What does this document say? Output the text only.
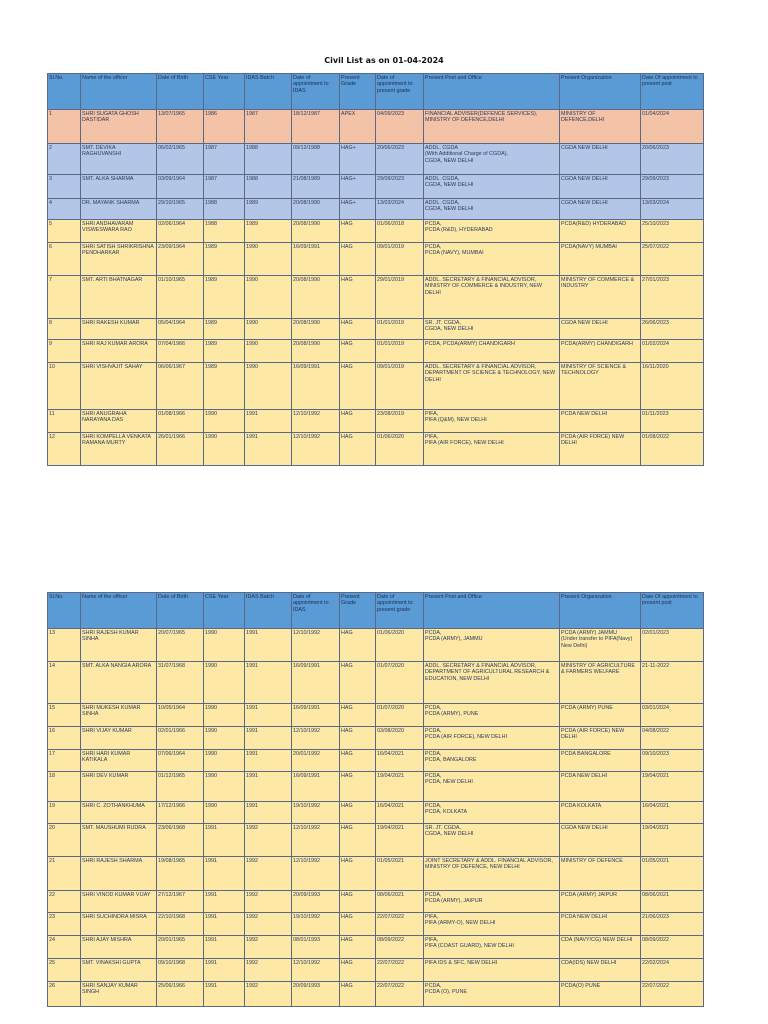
Civil List as on 01-04-2024
Sl.No.	Name of the officer	Date of Birth	CSE Year	IDAS Batch	Date of appointment to IDAS	Present Grade	Date of appointment to present grade	Present Post and Office	Present Organization	Date Of appointment to present post
1	SHRI SUGATA GHOSH DASTIDAR	13/07/1965	1986	1987	18/12/1987	APEX	04/09/2023	FINANCIAL ADVISER(DEFENCE SERVICES), MINISTRY OF DEFENCE,DELHI	MINISTRY OF DEFENCE,DELHI	01/04/2024
2	SMT. DEVIKA RAGHUVANSHI	06/02/1965	1987	1988	09/12/1988	HAG+	20/06/2023	ADDL. CGDA
(With Additional Charge of CGDA),
CGDA, NEW DELHI	CGDA NEW DELHI	20/06/2023
3	SMT. ALKA SHARMA	03/09/1964	1987	1988	21/08/1989	HAG+	29/09/2023	ADDL. CGDA,
CGDA, NEW DELHI	CGDA NEW DELHI	29/09/2023
4	DR. MAYANK SHARMA	29/10/1965	1988	1989	20/08/1990	HAG+	13/03/2024	ADDL. CGDA,
CGDA, NEW DELHI	CGDA NEW DELHI	13/03/2024
5	SHRI ANDHAVARAM VISWESWARA RAO	02/06/1964	1988	1989	20/08/1990	HAG	01/06/2018	PCDA,
PCDA (R&D), HYDERABAD	PCDA(R&D) HYDERABAD	25/10/2023
6	SHRI SATISH SHRIKRISHNA PENDHARKAR	23/09/1964	1989	1990	16/09/1991	HAG	09/01/2019	PCDA,
PCDA (NAVY), MUMBAI	PCDA(NAVY) MUMBAI	25/07/2022
7	SMT. ARTI BHATNAGAR	01/10/1965	1989	1990	20/08/1990	HAG	29/01/2019	ADDL. SECRETARY & FINANCIAL ADVISOR, MINISTRY OF COMMERCE & INDUSTRY, NEW DELHI	MINISTRY OF COMMERCE & INDUSTRY	27/01/2023
8	SHRI RAKESH KUMAR	05/04/1964	1989	1990	20/08/1990	HAG	01/01/2019	SR. JT. CGDA,
CGDA, NEW DELHI	CGDA NEW DELHI	26/06/2023
9	SHRI RAJ KUMAR ARORA	07/04/1966	1989	1990	20/08/1990	HAG	01/01/2019	PCDA, PCDA(ARMY) CHANDIGARH	PCDA(ARMY) CHANDIGARH	01/02/2024
10	SHRI VISHVAJIT SAHAY	06/06/1967	1989	1990	16/09/1991	HAG	09/01/2019	ADDL. SECRETARY & FINANCIAL ADVISOR, DEPARTMENT OF SCIENCE & TECHNOLOGY, NEW DELHI	MINISTRY OF SCIENCE & TECHNOLOGY	16/11/2020
11	SHRI ANUGRAHA NARAYANA DAS	01/08/1966	1990	1991	12/10/1992	HAG	23/08/2019	PIFA,
PIFA (Q&M), NEW DELHI	PCDA NEW DELHI	01/11/2023
12	SHRI KOMPELLA VENKATA RAMANA MURTY	26/01/1966	1990	1991	12/10/1992	HAG	01/06/2020	PIFA,
PIFA (AIR FORCE), NEW DELHI	PCDA (AIR FORCE) NEW DELHI	01/08/2022
Sl.No.	Name of the officer	Date of Birth	CSE Year	IDAS Batch	Date of appointment to IDAS	Present Grade	Date of appointment to present grade	Present Post and Office	Present Organization	Date Of appointment to present post
13	SHRI RAJESH KUMAR SINHA	20/07/1965	1990	1991	12/10/1992	HAG	01/06/2020	PCDA,
PCDA (ARMY), JAMMU	PCDA (ARMY) JAMMU
(Under transfer to PIFA(Navy) New Delhi)	02/01/2023
14	SMT. ALKA NANGIA ARORA	31/07/1968	1990	1991	16/09/1991	HAG	01/07/2020	ADDL. SECRETARY & FINANCIAL ADVISOR, DEPARTMENT OF AGRICULTURAL RESEARCH & EDUCATION, NEW DELHI	MINISTRY OF AGRICULTURE & FARMERS WELFARE	21-11-2022
15	SHRI MUKESH KUMAR SINHA	10/05/1964	1990	1991	16/09/1991	HAG	01/07/2020	PCDA,
PCDA (ARMY), PUNE	PCDA (ARMY) PUNE	03/01/2024
16	SHRI VIJAY KUMAR	02/01/1966	1990	1991	12/10/1992	HAG	03/08/2020	PCDA,
PCDA (AIR FORCE), NEW DELHI	PCDA (AIR FORCE) NEW DELHI	04/08/2022
17	SHRI HARI KUMAR KATIKALA	07/06/1964	1990	1991	20/01/1992	HAG	16/04/2021	PCDA,
PCDA, BANGALORE	PCDA BANGALORE	09/10/2023
18	SHRI DEV KUMAR	01/12/1965	1990	1991	16/09/1991	HAG	19/04/2021	PCDA,
PCDA, NEW DELHI	PCDA NEW DELHI	19/04/2021
19	SHRI C. ZOTHANKHUMA	17/12/1966	1990	1991	19/10/1992	HAG	16/04/2021	PCDA,
PCDA, KOLKATA	PCDA KOLKATA	16/04/2021
20	SMT. MAUSHUMI RUDRA	23/06/1968	1991	1992	12/10/1992	HAG	19/04/2021	SR. JT. CGDA,
CGDA, NEW DELHI	CGDA NEW DELHI	19/04/2021
21	SHRI RAJESH SHARMA	19/08/1965	1991	1992	12/10/1992	HAG	01/05/2021	JOINT SECRETARY & ADDL. FINANCIAL ADVISOR,
MINISTRY OF DEFENCE, NEW DELHI	MINISTRY OF DEFENCE	01/05/2021
22	SHRI VINOD KUMAR VIJAY	27/12/1967	1991	1992	20/09/1993	HAG	08/06/2021	PCDA,
PCDA (ARMY), JAIPUR	PCDA (ARMY) JAIPUR	08/06/2021
23	SHRI SUCHINDRA MISRA	22/10/1968	1991	1992	19/10/1992	HAG	22/07/2022	PIFA,
PIFA (ARMY-O), NEW DELHI	PCDA NEW DELHI	21/06/2023
24	SHRI AJAY MISHRA	20/01/1965	1991	1992	08/01/1993	HAG	08/09/2022	PIFA,
PIFA (COAST GUARD), NEW DELHI	CDA (NAVY/CG) NEW DELHI	08/09/2022
25	SMT. VINAKSHI GUPTA	09/10/1968	1991	1992	12/10/1992	HAG	22/07/2022	PIFA IDS & SFC, NEW DELHI	CDA(IDS) NEW DELHI	22/02/2024
26	SHRI SANJAY KUMAR SINGH	25/06/1966	1991	1992	20/09/1993	HAG	22/07/2022	PCDA,
PCDA (O), PUNE	PCDA(O) PUNE	22/07/2022
